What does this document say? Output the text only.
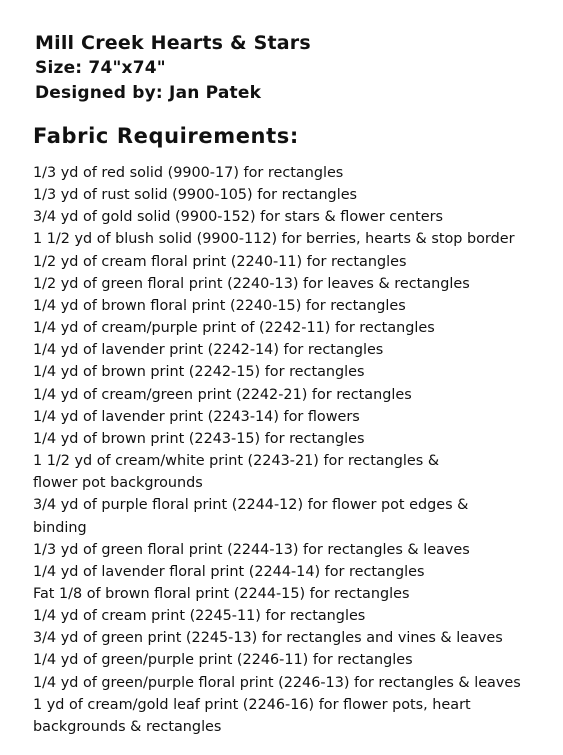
Mill Creek Hearts & Stars
Size: 74"x74"
Designed by: Jan Patek
Fabric Requirements:
1/3 yd of red solid (9900-17) for rectangles
1/3 yd of rust solid (9900-105) for rectangles
3/4 yd of gold solid (9900-152) for stars & flower centers
1 1/2 yd of blush solid (9900-112) for berries, hearts & stop border
1/2 yd of cream floral print (2240-11) for rectangles
1/2 yd of green floral print (2240-13) for leaves & rectangles
1/4 yd of brown floral print (2240-15) for rectangles
1/4 yd of cream/purple print of (2242-11) for rectangles
1/4 yd of lavender print (2242-14) for rectangles
1/4 yd of brown print (2242-15) for rectangles
1/4 yd of cream/green print (2242-21) for rectangles
1/4 yd of lavender print (2243-14) for flowers
1/4 yd of brown print (2243-15) for rectangles
1 1/2 yd of cream/white print (2243-21) for rectangles &
flower pot backgrounds
3/4 yd of purple floral print (2244-12) for flower pot edges &
binding
1/3 yd of green floral print (2244-13) for rectangles & leaves
1/4 yd of lavender floral print (2244-14) for rectangles
Fat 1/8 of brown floral print (2244-15) for rectangles
1/4 yd of cream print (2245-11) for rectangles
3/4 yd of green print (2245-13) for rectangles and vines & leaves
1/4 yd of green/purple print (2246-11) for rectangles
1/4 yd of green/purple floral print (2246-13) for rectangles & leaves
1 yd of cream/gold leaf print (2246-16) for flower pots, heart
backgrounds & rectangles
